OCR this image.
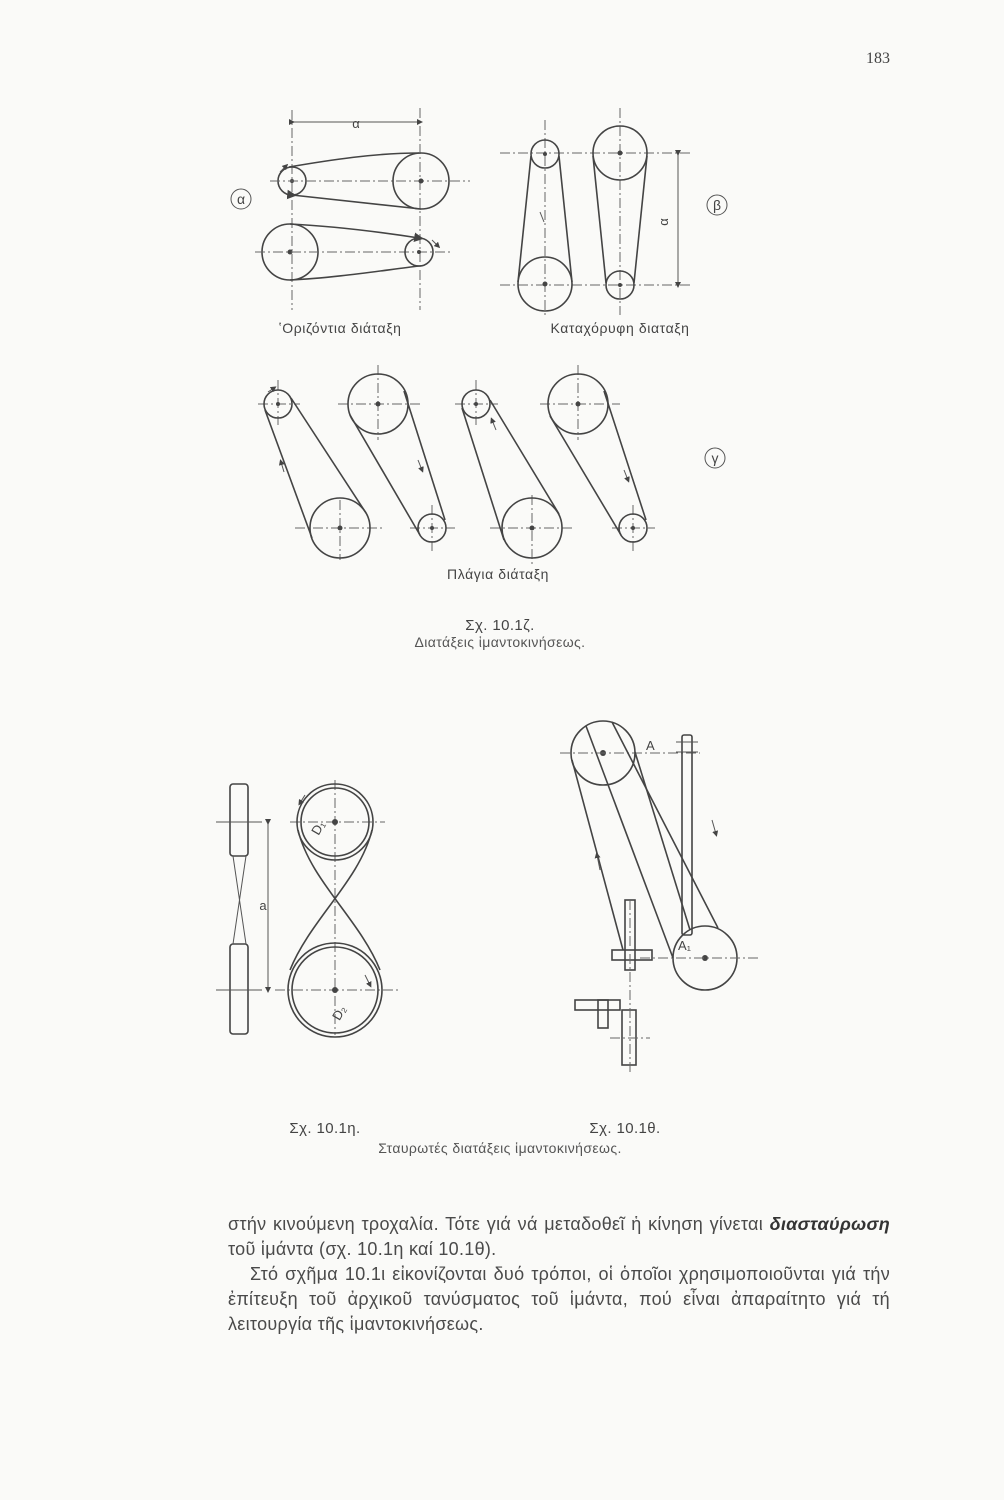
183
α	β
γ
α
α
ʽΟριζόντια διάταξη	Καταχόρυφη διαταξη
Πλάγια διάταξη
a
D₁
D₂
A
A₁
Σχ. 10.1ζ.
Διατάξεις ἱμαντοκινήσεως.
Σχ. 10.1η.	Σχ. 10.1θ.
Σταυρωτές διατάξεις ἱμαντοκινήσεως.

στήν κινούμενη τροχαλία. Τότε γιά νά μεταδοθεῖ ἡ κίνηση γίνεται διασταύρωση τοῦ ἱμάντα (σχ. 10.1η καί 10.1θ).

Στό σχῆμα 10.1ι εἰκονίζονται δυό τρόποι, οἱ ὁποῖοι χρησιμοποιοῦνται γιά τήν ἐπίτευξη τοῦ ἀρχικοῦ τανύσματος τοῦ ἱμάντα, πού εἶναι ἀπαραίτητο γιά τή λειτουργία τῆς ἱμαντοκινήσεως.
